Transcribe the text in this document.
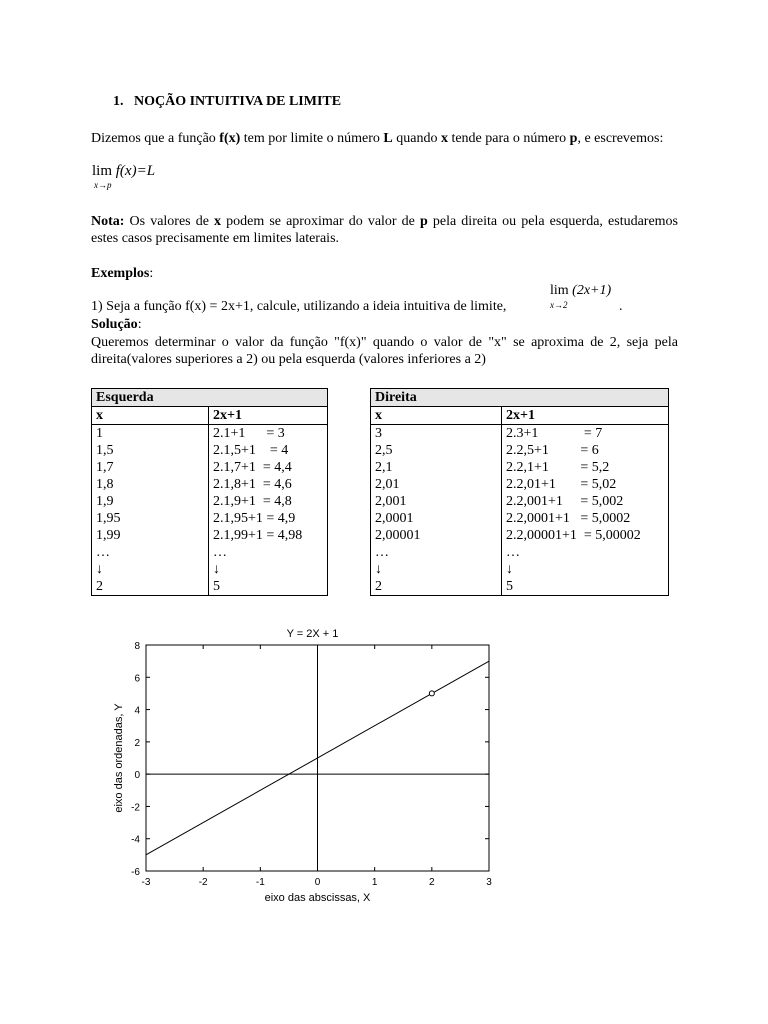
1. NOÇÃO INTUITIVA DE LIMITE
Dizemos que a função f(x) tem por limite o número L quando x tende para o número p, e escrevemos:
lim f(x)=L
x→p
Nota: Os valores de x podem se aproximar do valor de p pela direita ou pela esquerda, estudaremos estes casos precisamente em limites laterais.
Exemplos:
1) Seja a função f(x) = 2x+1, calcule, utilizando a ideia intuitiva de limite,
lim (2x+1)
x→2	.
Solução:
Queremos determinar o valor da função "f(x)" quando o valor de "x" se aproxima de 2, seja pela direita(valores superiores a 2) ou pela esquerda (valores inferiores a 2)
Esquerda	
x	2x+1
1	2.1+1      = 3
1,5	2.1,5+1    = 4
1,7	2.1,7+1  = 4,4
1,8	2.1,8+1  = 4,6
1,9	2.1,9+1  = 4,8
1,95	2.1,95+1 = 4,9
1,99	2.1,99+1 = 4,98
…	…
↓	↓
2	5
Direita	
x	2x+1
3	2.3+1             = 7
2,5	2.2,5+1         = 6
2,1	2.2,1+1         = 5,2
2,01	2.2,01+1       = 5,02
2,001	2.2,001+1     = 5,002
2,0001	2.2,0001+1   = 5,0002
2,00001	2.2,00001+1  = 5,00002
…	…
↓	↓
2	5
-3	-2	-1	0	1	2	3
-6
-4
-2
0
2
4
6
8
Y = 2X + 1
eixo das abscissas, X
eixo das ordenadas, Y
